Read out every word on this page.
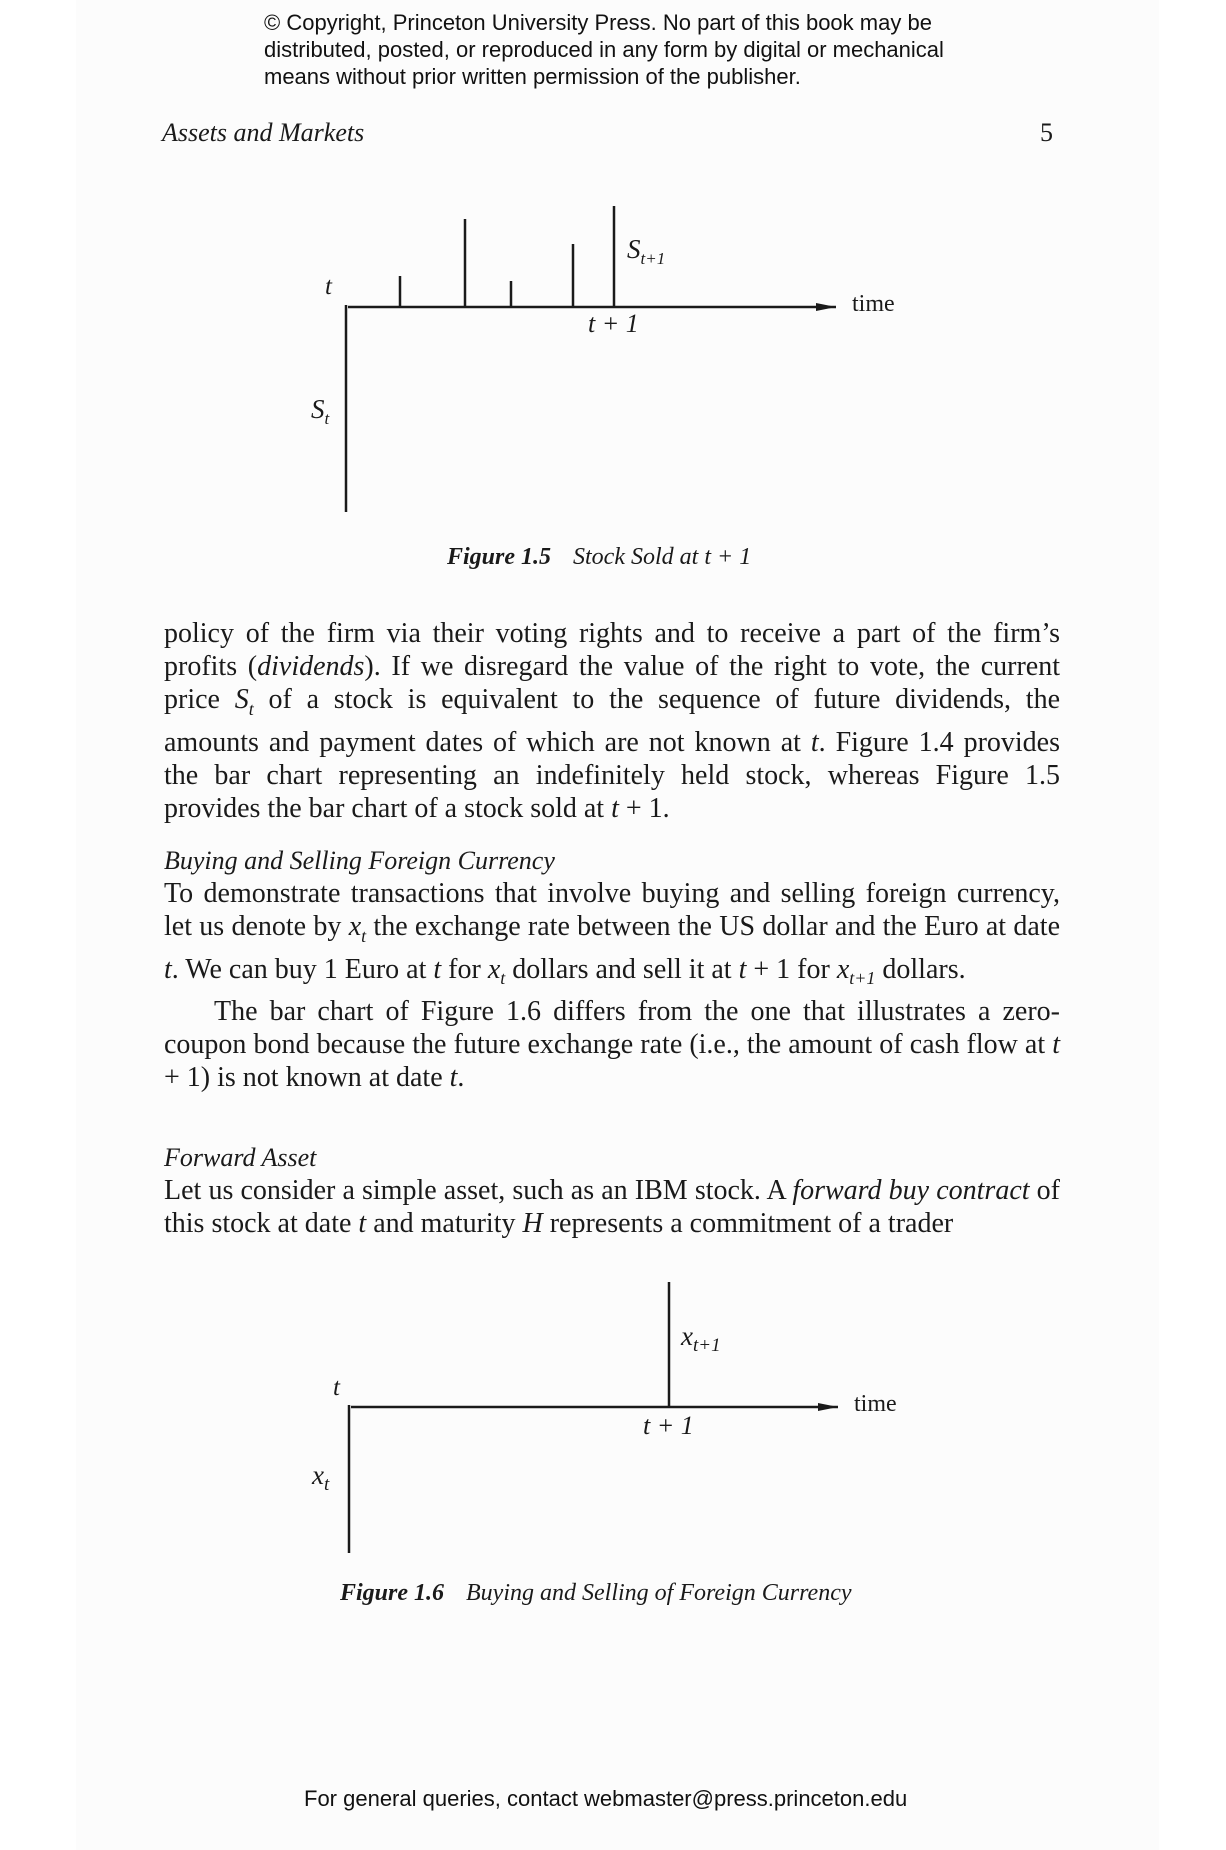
© Copyright, Princeton University Press. No part of this book may be
distributed, posted, or reproduced in any form by digital or mechanical
means without prior written permission of the publisher.
Assets and Markets	5
t
t + 1
time
$S_{t+1}$
$S_t$
Figure 1.5 Stock Sold at t + 1

policy of the firm via their voting rights and to receive a part of the firm’s profits (dividends). If we disregard the value of the right to vote, the current price $S_t$ of a stock is equivalent to the sequence of future dividends, the amounts and payment dates of which are not known at t. Figure 1.4 provides the bar chart representing an indefinitely held stock, whereas Figure 1.5 provides the bar chart of a stock sold at t + 1.

Buying and Selling Foreign Currency

To demonstrate transactions that involve buying and selling foreign currency, let us denote by $x_t$ the exchange rate between the US dollar and the Euro at date t. We can buy 1 Euro at t for $x_t$ dollars and sell it at t + 1 for $x_{t+1}$ dollars.

The bar chart of Figure 1.6 differs from the one that illustrates a zero-coupon bond because the future exchange rate (i.e., the amount of cash flow at t + 1) is not known at date t.

Forward Asset

Let us consider a simple asset, such as an IBM stock. A forward buy contract of this stock at date t and maturity H represents a commitment of a trader

t
t + 1
time
$x_{t+1}$
$x_t$
Figure 1.6 Buying and Selling of Foreign Currency
For general queries, contact webmaster@press.princeton.edu
